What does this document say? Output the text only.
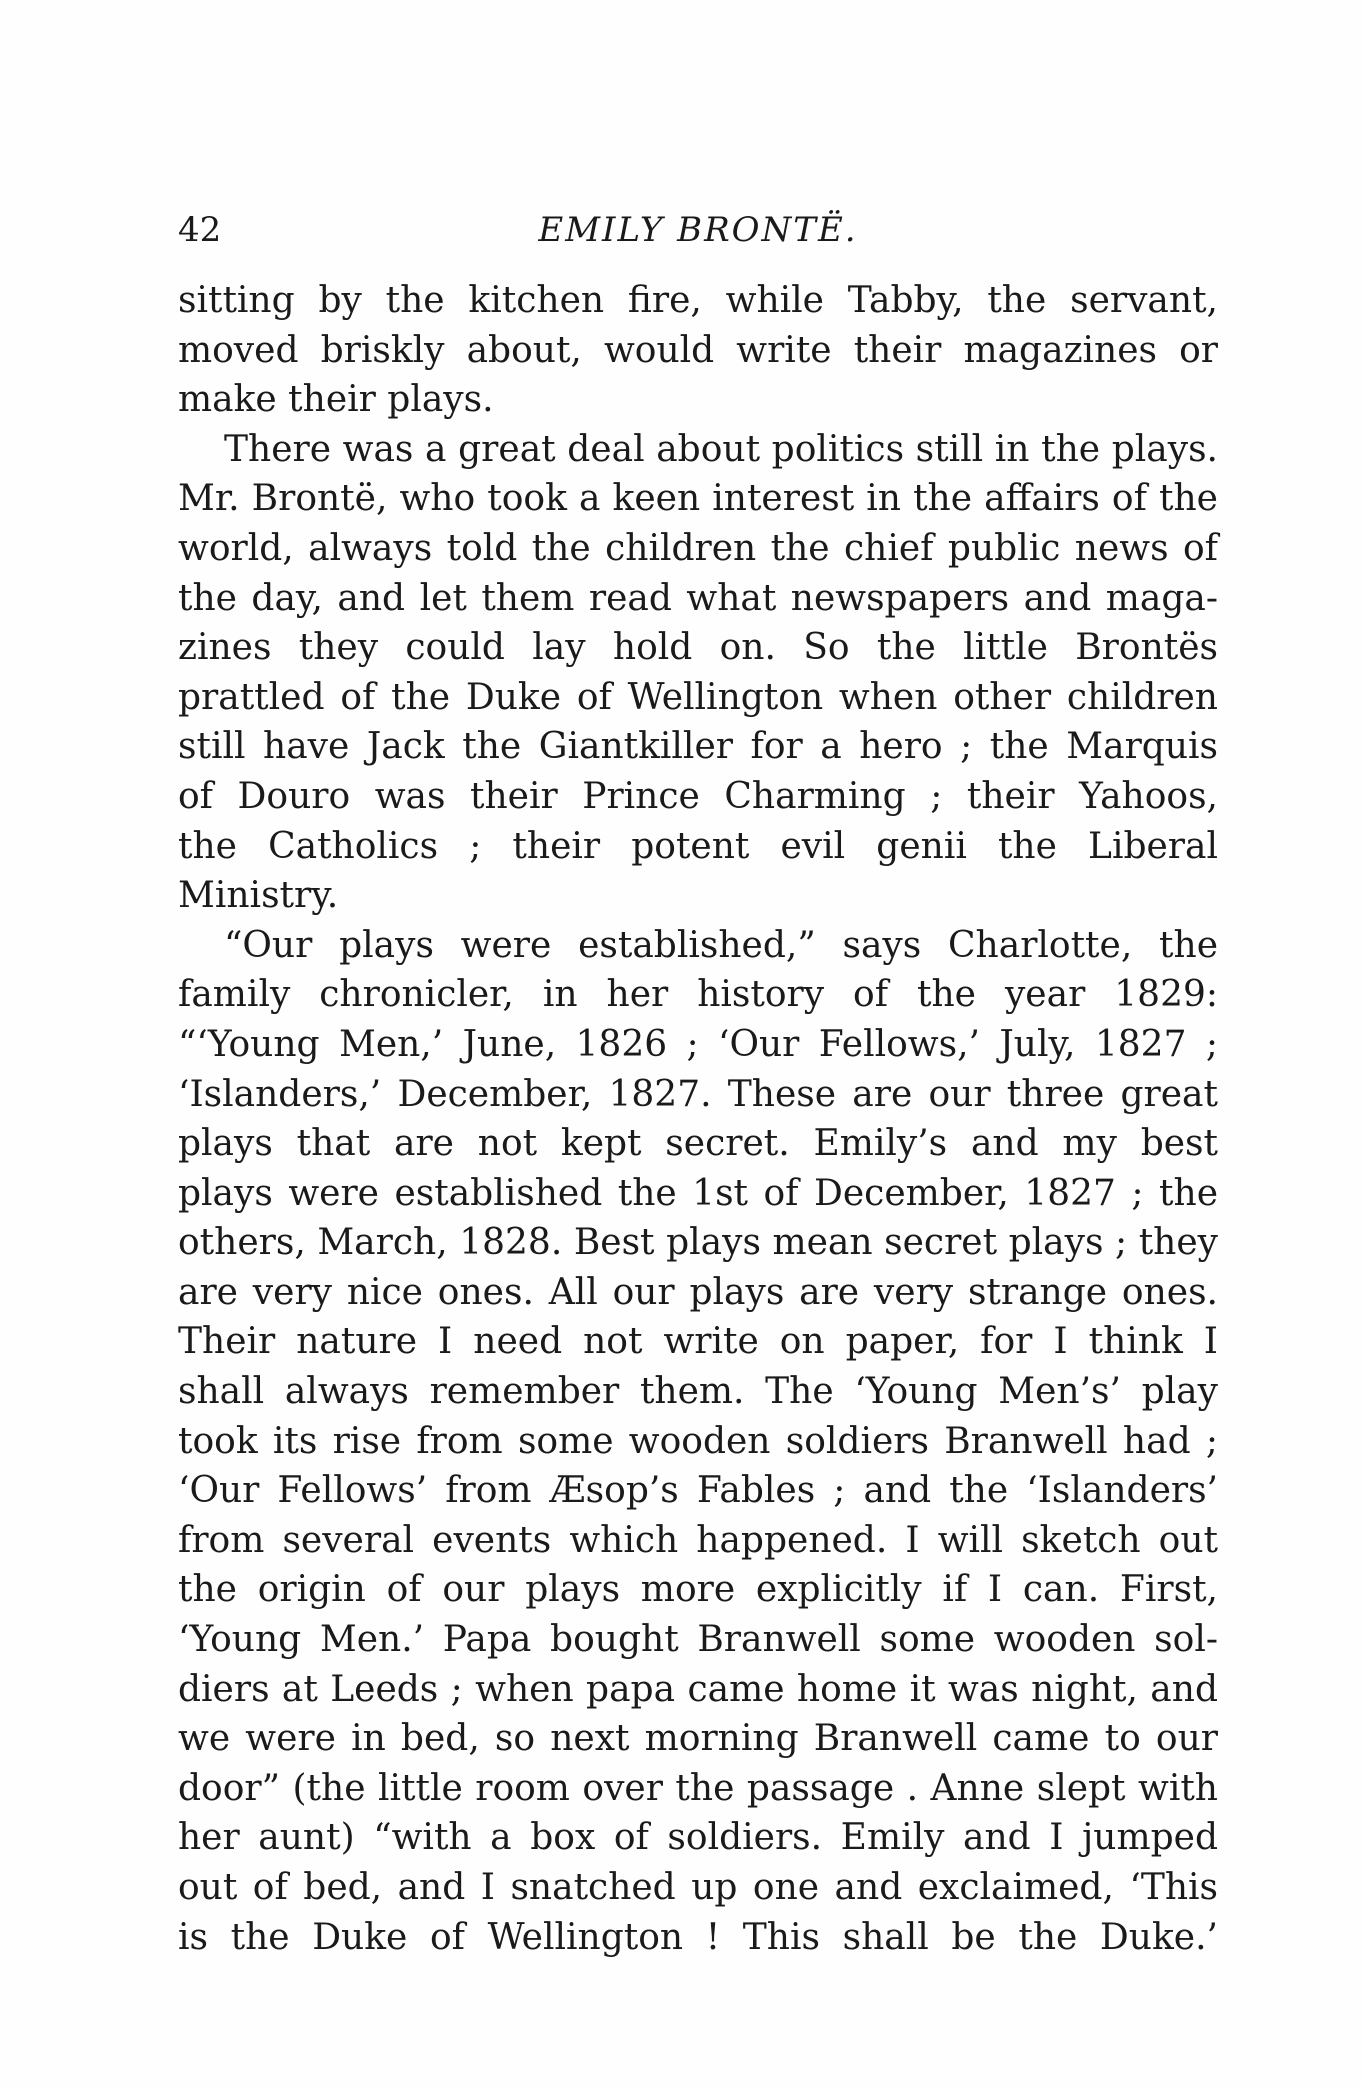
42	EMILY BRONTË.
sitting by the kitchen fire, while Tabby, the servant,
moved briskly about, would write their magazines or
make their plays.
There was a great deal about politics still in the plays.
Mr. Brontë, who took a keen interest in the affairs of the
world, always told the children the chief public news of
the day, and let them read what newspapers and maga-
zines they could lay hold on. So the little Brontës
prattled of the Duke of Wellington when other children
still have Jack the Giantkiller for a hero ; the Marquis
of Douro was their Prince Charming ; their Yahoos,
the Catholics ; their potent evil genii the Liberal
Ministry.
“Our plays were established,” says Charlotte, the
family chronicler, in her history of the year 1829:
“‘Young Men,’ June, 1826 ; ‘Our Fellows,’ July, 1827 ;
‘Islanders,’ December, 1827. These are our three great
plays that are not kept secret. Emily’s and my best
plays were established the 1st of December, 1827 ; the
others, March, 1828. Best plays mean secret plays ; they
are very nice ones. All our plays are very strange ones.
Their nature I need not write on paper, for I think I
shall always remember them. The ‘Young Men’s’ play
took its rise from some wooden soldiers Branwell had ;
‘Our Fellows’ from Æsop’s Fables ; and the ‘Islanders’
from several events which happened. I will sketch out
the origin of our plays more explicitly if I can. First,
‘Young Men.’ Papa bought Branwell some wooden sol-
diers at Leeds ; when papa came home it was night, and
we were in bed, so next morning Branwell came to our
door” (the little room over the passage . Anne slept with
her aunt) “with a box of soldiers. Emily and I jumped
out of bed, and I snatched up one and exclaimed, ‘This
is the Duke of Wellington ! This shall be the Duke.’
